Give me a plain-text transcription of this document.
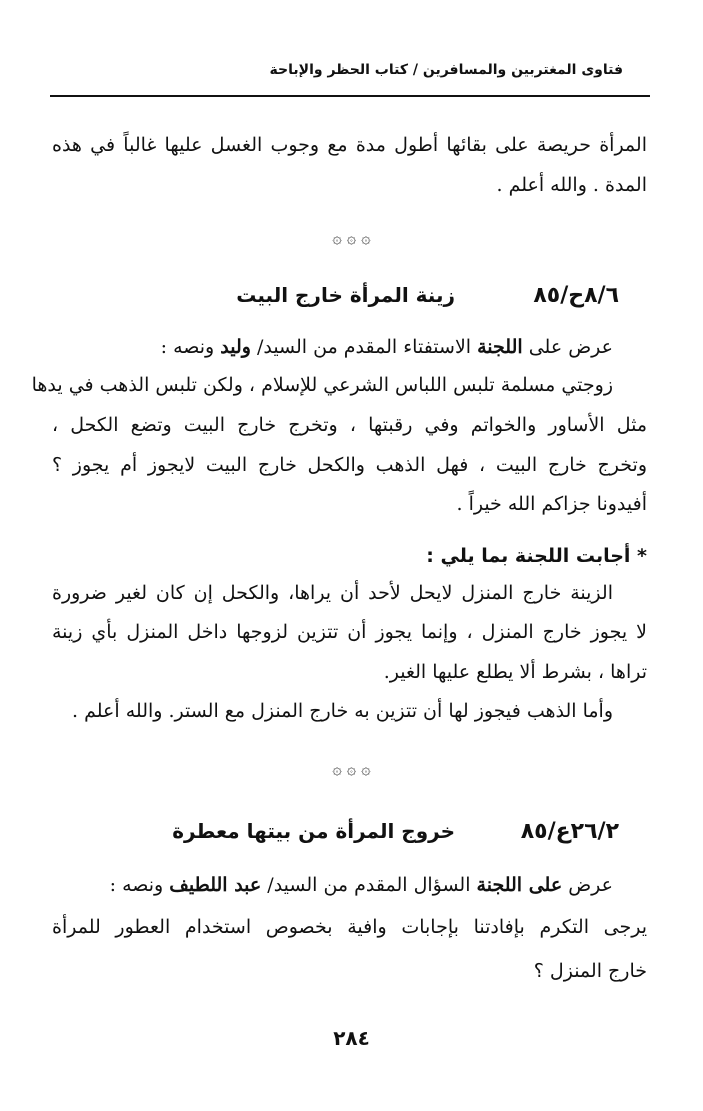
فتاوى المغتربين والمسافرين / كتاب الحظر والإباحة
المرأة حريصة على بقائها أطول مدة مع وجوب الغسل عليها غالباً في هذه
المدة . والله أعلم .
۞ ۞ ۞
٨/٦ح/٨٥
زينة المرأة خارج البيت
عرض على اللجنة الاستفتاء المقدم من السيد/ وليد ونصه :
زوجتي مسلمة تلبس اللباس الشرعي للإسلام ، ولكن تلبس الذهب في يدها
مثل الأساور والخواتم وفي رقبتها ، وتخرج خارج البيت وتضع الكحل ،
وتخرج خارج البيت ، فهل الذهب والكحل خارج البيت لايجوز أم يجوز ؟
أفيدونا جزاكم الله خيراً .
* أجابت اللجنة بما يلي :
الزينة خارج المنزل لايحل لأحد أن يراها، والكحل إن كان لغير ضرورة
لا يجوز خارج المنزل ، وإنما يجوز أن تتزين لزوجها داخل المنزل بأي زينة
تراها ، بشرط ألا يطلع عليها الغير.
وأما الذهب فيجوز لها أن تتزين به خارج المنزل مع الستر. والله أعلم .
۞ ۞ ۞
٢٦/٢ع/٨٥
خروج المرأة من بيتها معطرة
عرض على اللجنة السؤال المقدم من السيد/ عبد اللطيف ونصه :
يرجى التكرم بإفادتنا بإجابات وافية بخصوص استخدام العطور للمرأة
خارج المنزل ؟
٢٨٤
